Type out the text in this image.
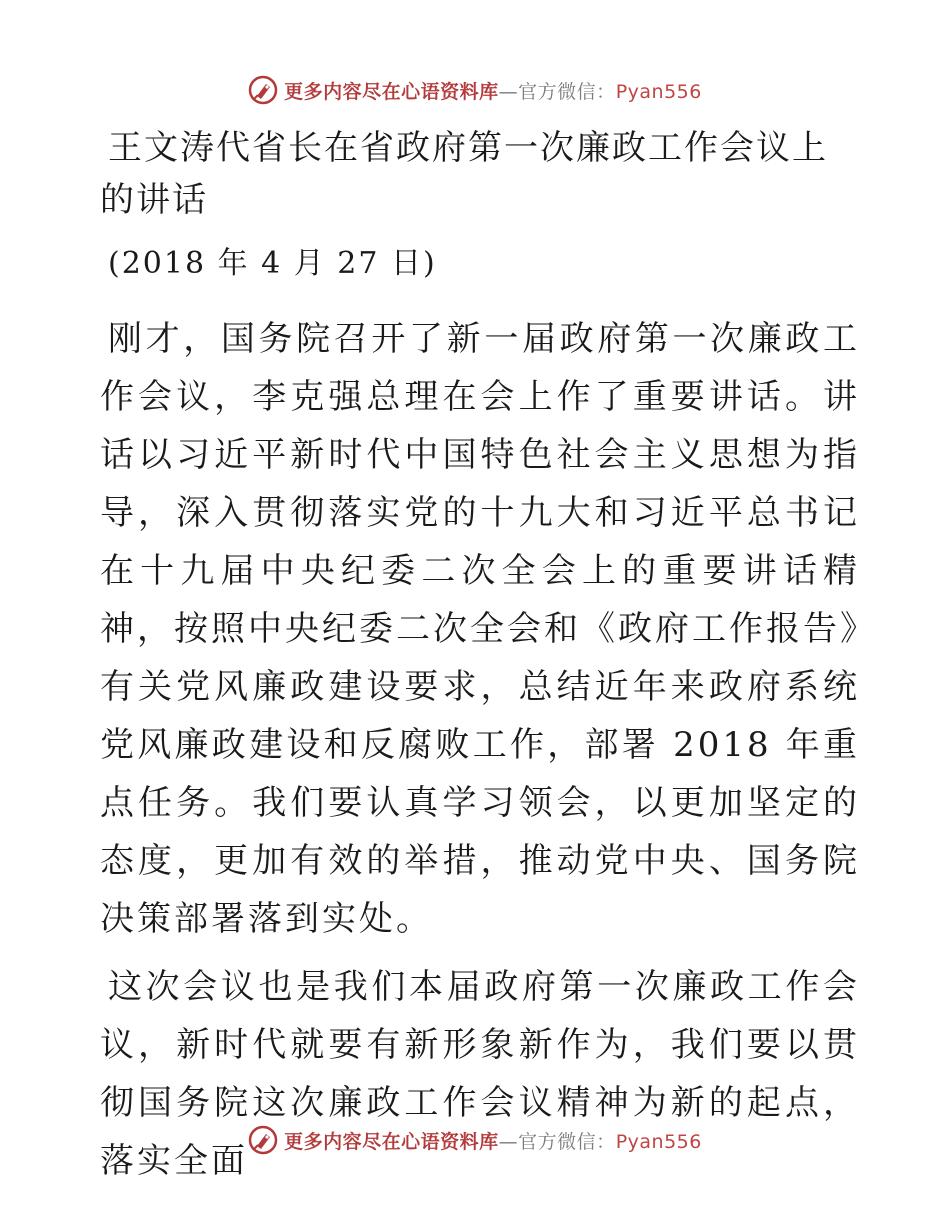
更多内容尽在心语资料库—官方微信：Pyan556
王文涛代省长在省政府第一次廉政工作会议上的讲话
(2018 年 4 月 27 日)

刚才，国务院召开了新一届政府第一次廉政工作会议，李克强总理在会上作了重要讲话。讲话以习近平新时代中国特色社会主义思想为指导，深入贯彻落实党的十九大和习近平总书记在十九届中央纪委二次全会上的重要讲话精神，按照中央纪委二次全会和《政府工作报告》有关党风廉政建设要求，总结近年来政府系统党风廉政建设和反腐败工作，部署 2018 年重点任务。我们要认真学习领会，以更加坚定的态度，更加有效的举措，推动党中央、国务院决策部署落到实处。

这次会议也是我们本届政府第一次廉政工作会议，新时代就要有新形象新作为，我们要以贯彻国务院这次廉政工作会议精神为新的起点，落实全面	更多内容尽在心语资料库—官方微信：Pyan556
